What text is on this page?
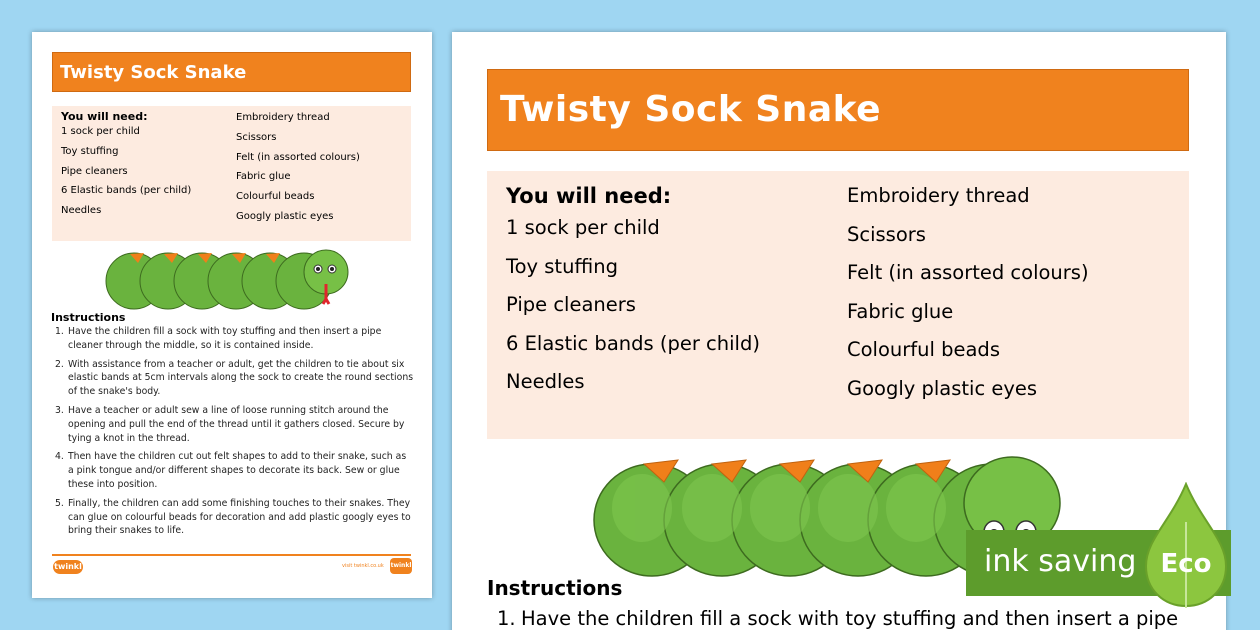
Twisty Sock Snake
You will need:
1 sock per child
Toy stuffing
Pipe cleaners
6 Elastic bands (per child)
Needles
Embroidery thread
Scissors
Felt (in assorted colours)
Fabric glue
Colourful beads
Googly plastic eyes
Instructions
1. Have the children fill a sock with toy stuffing and then insert a pipe cleaner through the middle, so it is contained inside.
2. With assistance from a teacher or adult, get the children to tie about six elastic bands at 5cm intervals along the sock to create the round sections of the snake's body.
3. Have a teacher or adult sew a line of loose running stitch around the opening and pull the end of the thread until it gathers closed. Secure by tying a knot in the thread.
4. Then have the children cut out felt shapes to add to their snake, such as a pink tongue and/or different shapes to decorate its back. Sew or glue these into position.
5. Finally, the children can add some finishing touches to their snakes. They can glue on colourful beads for decoration and add plastic googly eyes to bring their snakes to life.
twinkl	visit twinkl.co.uk twinkl
Twisty Sock Snake
You will need:
1 sock per child
Toy stuffing
Pipe cleaners
6 Elastic bands (per child)
Needles
Embroidery thread
Scissors
Felt (in assorted colours)
Fabric glue
Colourful beads
Googly plastic eyes
Instructions
1. Have the children fill a sock with toy stuffing and then insert a pipe
ink saving Eco
